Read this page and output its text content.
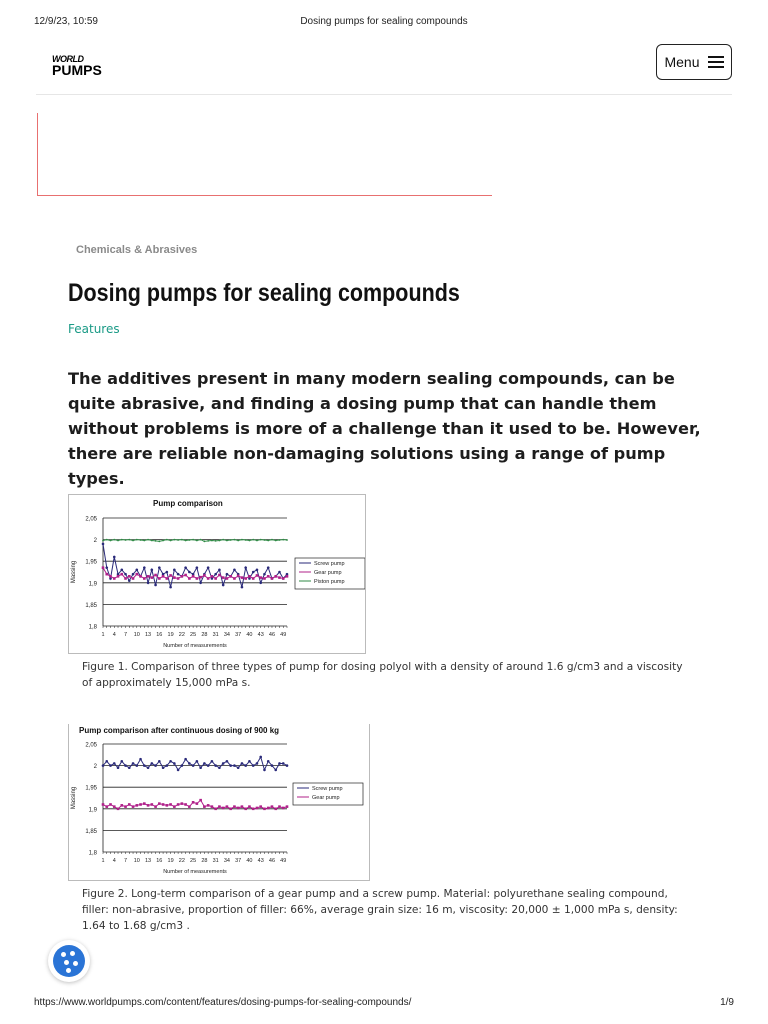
12/9/23, 10:59	Dosing pumps for sealing compounds
WORLD
PUMPS	Menu
Chemicals & Abrasives
Dosing pumps for sealing compounds
Features
The additives present in many modern sealing compounds, can be quite abrasive, and finding a dosing pump that can handle them without problems is more of a challenge than it used to be. However, there are reliable non-damaging solutions using a range of pump types.
Pump comparison
2,05
2
1,95
1,9
1,85
1,8
1 4 7 10 13 16 19 22 25 28 31 34 37 40 43 46 49
Number of measurements
Massing	Screw pump
Gear pump
Piston pump
Figure 1. Comparison of three types of pump for dosing polyol with a density of around 1.6 g/cm3 and a viscosity of approximately 15,000 mPa s.
Pump comparison after continuous dosing of 900 kg
2,05
2
1,95
1,9
1,85
1,8
1 4 7 10 13 16 19 22 25 28 31 34 37 40 43 46 49
Number of measurements
Massing	Screw pump
Gear pump
Figure 2. Long-term comparison of a gear pump and a screw pump. Material: polyurethane sealing compound, filler: non-abrasive, proportion of filler: 66%, average grain size: 16 m, viscosity: 20,000 ± 1,000 mPa s, density: 1.64 to 1.68 g/cm3 .
https://www.worldpumps.com/content/features/dosing-pumps-for-sealing-compounds/	1/9
